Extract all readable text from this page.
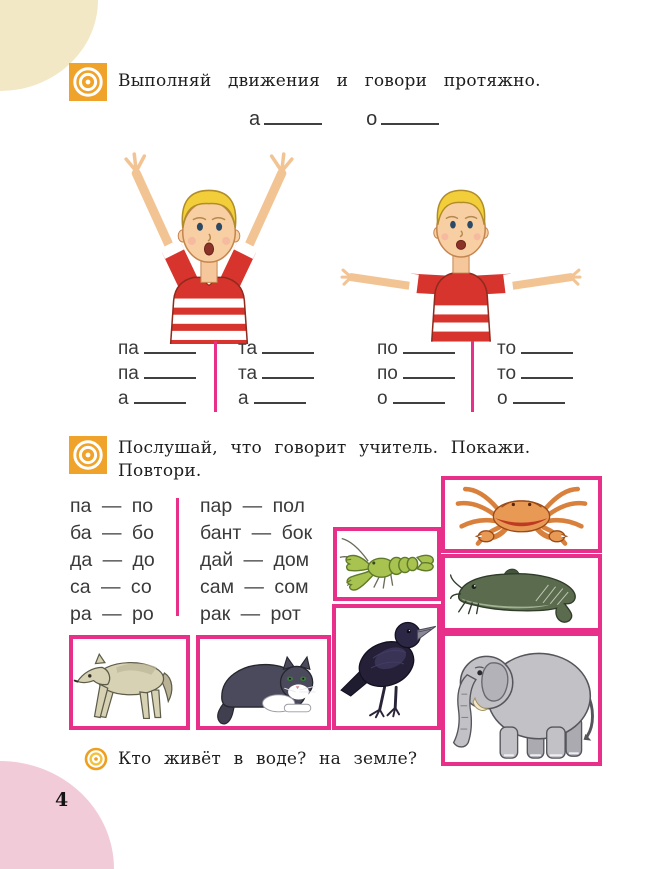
4
Выполняй движения и говори протяжно.
а	о
па
па
а
та
та
а
по
по
о
то
то
о
Послушай, что говорит учитель. Покажи.
Повтори.
па — по
ба — бо
да — до
са — со
ра — ро
пар — пол
бант — бок
дай — дом
сам — сом
рак — рот
Кто живёт в воде? на земле?
